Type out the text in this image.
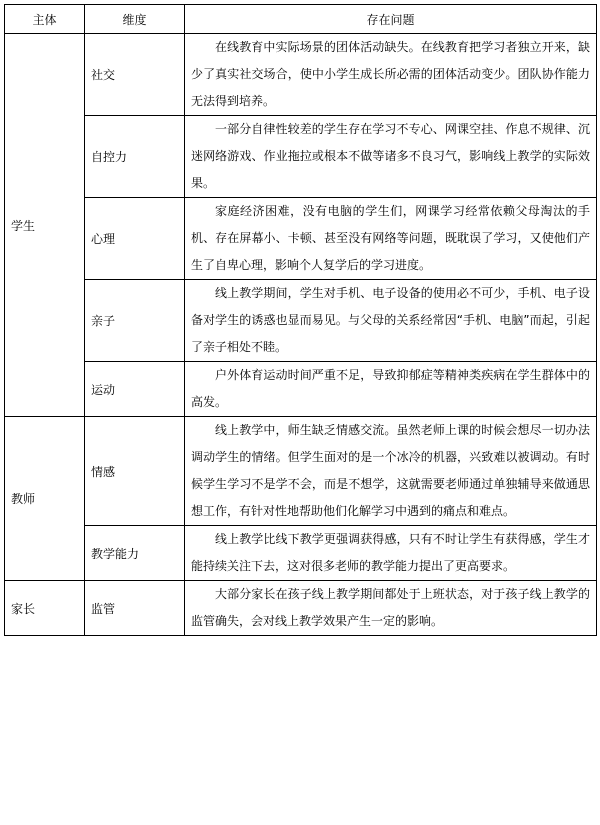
主体	维度	存在问题
学生	社交	在线教育中实际场景的团体活动缺失。在线教育把学习者独立开来，缺少了真实社交场合，使中小学生成长所必需的团体活动变少。团队协作能力无法得到培养。

	自控力	一部分自律性较差的学生存在学习不专心、网课空挂、作息不规律、沉迷网络游戏、作业拖拉或根本不做等诸多不良习气，影响线上教学的实际效果。

	心理	家庭经济困难，没有电脑的学生们，网课学习经常依赖父母淘汰的手机、存在屏幕小、卡顿、甚至没有网络等问题，既耽误了学习，又使他们产生了自卑心理，影响个人复学后的学习进度。

	亲子	线上教学期间，学生对手机、电子设备的使用必不可少，手机、电子设备对学生的诱惑也显而易见。与父母的关系经常因“手机、电脑”而起，引起了亲子相处不睦。

	运动	户外体育运动时间严重不足，导致抑郁症等精神类疾病在学生群体中的高发。

教师	情感	线上教学中，师生缺乏情感交流。虽然老师上课的时候会想尽一切办法调动学生的情绪。但学生面对的是一个冰冷的机器，兴致难以被调动。有时候学生学习不是学不会，而是不想学，这就需要老师通过单独辅导来做通思想工作，有针对性地帮助他们化解学习中遇到的痛点和难点。

	教学能力	线上教学比线下教学更强调获得感，只有不时让学生有获得感，学生才能持续关注下去，这对很多老师的教学能力提出了更高要求。

家长	监管	大部分家长在孩子线上教学期间都处于上班状态，对于孩子线上教学的监管确失，会对线上教学效果产生一定的影响。
